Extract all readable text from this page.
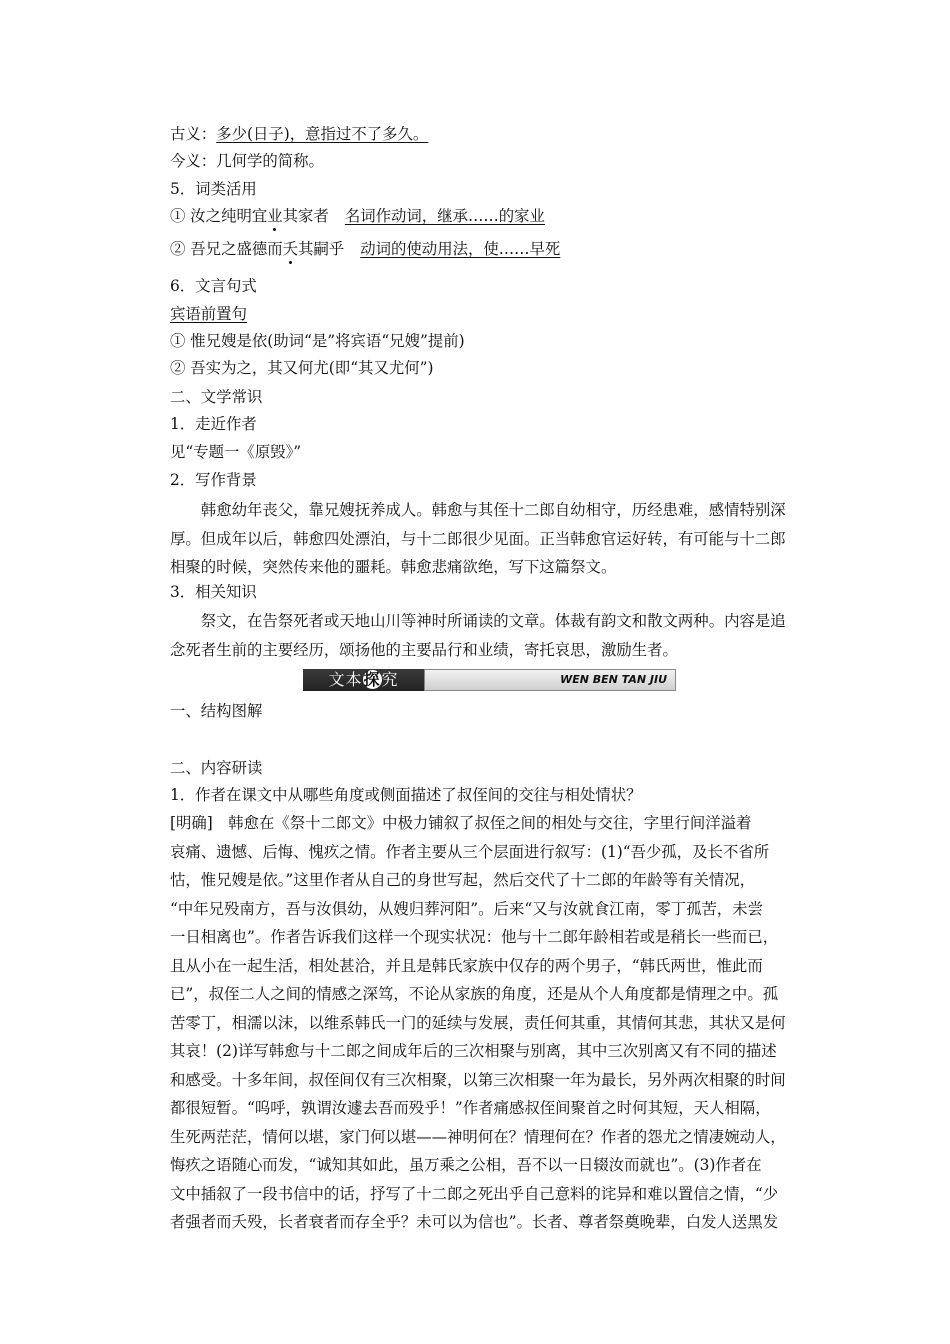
古义：多少(日子)，意指过不了多久。
今义：几何学的简称。
5．词类活用
① 汝之纯明宜业其家者 名词作动词，继承……的家业
② 吾兄之盛德而夭其嗣乎 动词的使动用法，使……早死
6．文言句式
宾语前置句
① 惟兄嫂是依(助词“是”将宾语“兄嫂”提前)
② 吾实为之，其又何尤(即“其又尤何”)
二、文学常识
1．走近作者
见“专题一《原毁》”
2．写作背景
韩愈幼年丧父，靠兄嫂抚养成人。韩愈与其侄十二郎自幼相守，历经患难，感情特别深
厚。但成年以后，韩愈四处漂泊，与十二郎很少见面。正当韩愈官运好转，有可能与十二郎
相聚的时候，突然传来他的噩耗。韩愈悲痛欲绝，写下这篇祭文。
3．相关知识
祭文，在告祭死者或天地山川等神时所诵读的文章。体裁有韵文和散文两种。内容是追
念死者生前的主要经历，颂扬他的主要品行和业绩，寄托哀思，激励生者。
文本探究	WEN BEN TAN JIU
一、结构图解
二、内容研读
1．作者在课文中从哪些角度或侧面描述了叔侄间的交往与相处情状？
[明确]　韩愈在《祭十二郎文》中极力铺叙了叔侄之间的相处与交往，字里行间洋溢着
哀痛、遗憾、后悔、愧疚之情。作者主要从三个层面进行叙写：(1)“吾少孤，及长不省所
怙，惟兄嫂是依。”这里作者从自己的身世写起，然后交代了十二郎的年龄等有关情况，
“中年兄殁南方，吾与汝俱幼，从嫂归葬河阳”。后来“又与汝就食江南，零丁孤苦，未尝
一日相离也”。作者告诉我们这样一个现实状况：他与十二郎年龄相若或是稍长一些而已，
且从小在一起生活，相处甚洽，并且是韩氏家族中仅存的两个男子，“韩氏两世，惟此而
已”，叔侄二人之间的情感之深笃，不论从家族的角度，还是从个人角度都是情理之中。孤
苦零丁，相濡以沫，以维系韩氏一门的延续与发展，责任何其重，其情何其悲，其状又是何
其哀！(2)详写韩愈与十二郎之间成年后的三次相聚与别离，其中三次别离又有不同的描述
和感受。十多年间，叔侄间仅有三次相聚，以第三次相聚一年为最长，另外两次相聚的时间
都很短暂。“呜呼，孰谓汝遽去吾而殁乎！”作者痛感叔侄间聚首之时何其短，天人相隔，
生死两茫茫，情何以堪，家门何以堪——神明何在？情理何在？作者的怨尤之情凄婉动人，
悔疚之语随心而发，“诚知其如此，虽万乘之公相，吾不以一日辍汝而就也”。(3)作者在
文中插叙了一段书信中的话，抒写了十二郎之死出乎自己意料的诧异和难以置信之情，“少
者强者而夭殁，长者衰者而存全乎？未可以为信也”。长者、尊者祭奠晚辈，白发人送黑发
